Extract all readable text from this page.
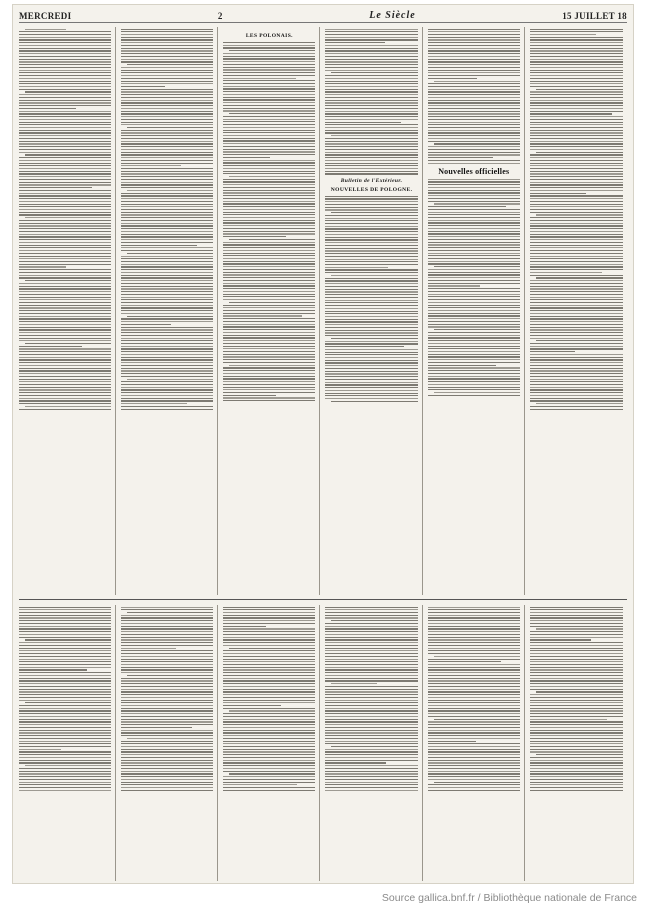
MERCREDI	2	Le Siècle	15 JUILLET 18
LES POLONAIS.
Bulletin de l'Extérieur.
NOUVELLES DE POLOGNE.
Nouvelles officielles
Source gallica.bnf.fr / Bibliothèque nationale de France
